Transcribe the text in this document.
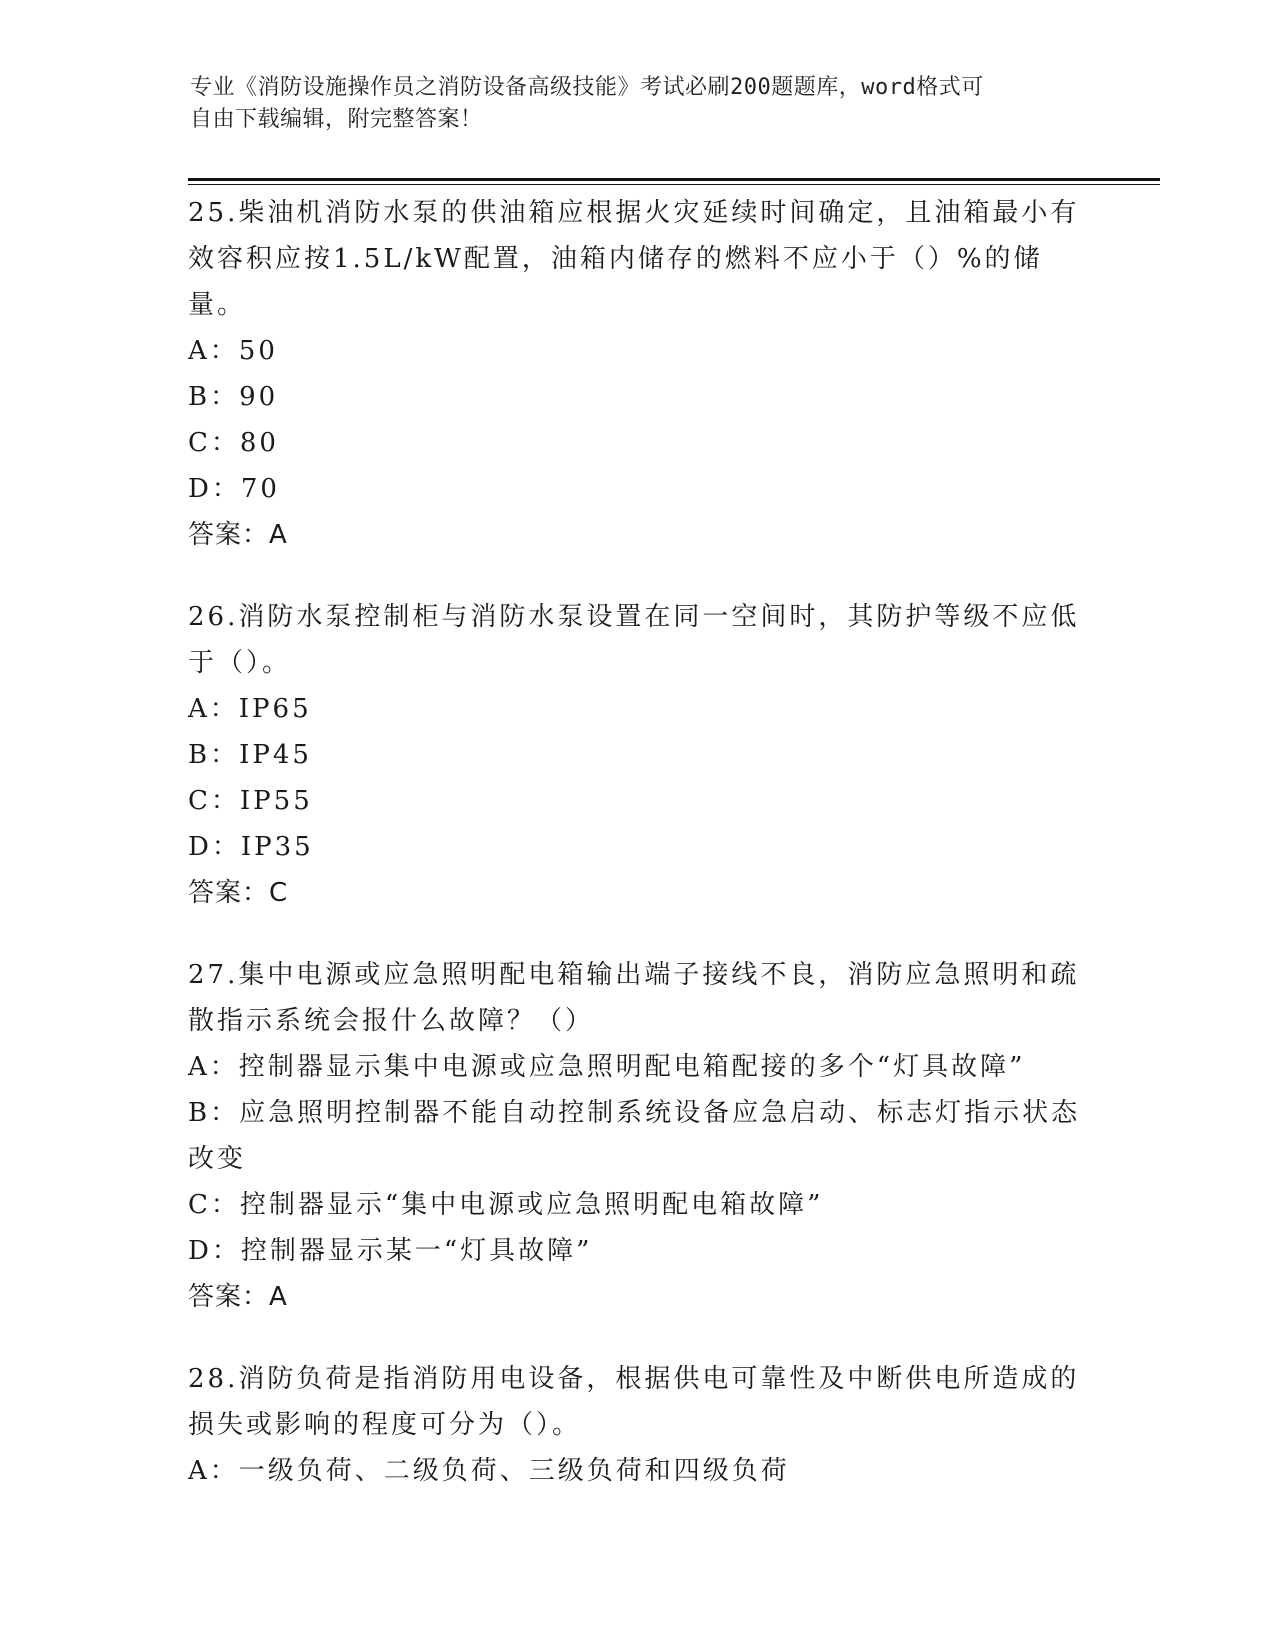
专业《消防设施操作员之消防设备高级技能》考试必刷200题题库，word格式可
自由下载编辑，附完整答案！

25.柴油机消防水泵的供油箱应根据火灾延续时间确定，且油箱最小有效容积应按1.5L/kW配置，油箱内储存的燃料不应小于（）%的储量。

A：50

B：90

C：80

D：70

答案：A

26.消防水泵控制柜与消防水泵设置在同一空间时，其防护等级不应低于（）。

A：IP65

B：IP45

C：IP55

D：IP35

答案：C

27.集中电源或应急照明配电箱输出端子接线不良，消防应急照明和疏散指示系统会报什么故障？（）

A：控制器显示集中电源或应急照明配电箱配接的多个“灯具故障”

B：应急照明控制器不能自动控制系统设备应急启动、标志灯指示状态改变

C：控制器显示“集中电源或应急照明配电箱故障”

D：控制器显示某一“灯具故障”

答案：A

28.消防负荷是指消防用电设备，根据供电可靠性及中断供电所造成的损失或影响的程度可分为（）。

A：一级负荷、二级负荷、三级负荷和四级负荷
